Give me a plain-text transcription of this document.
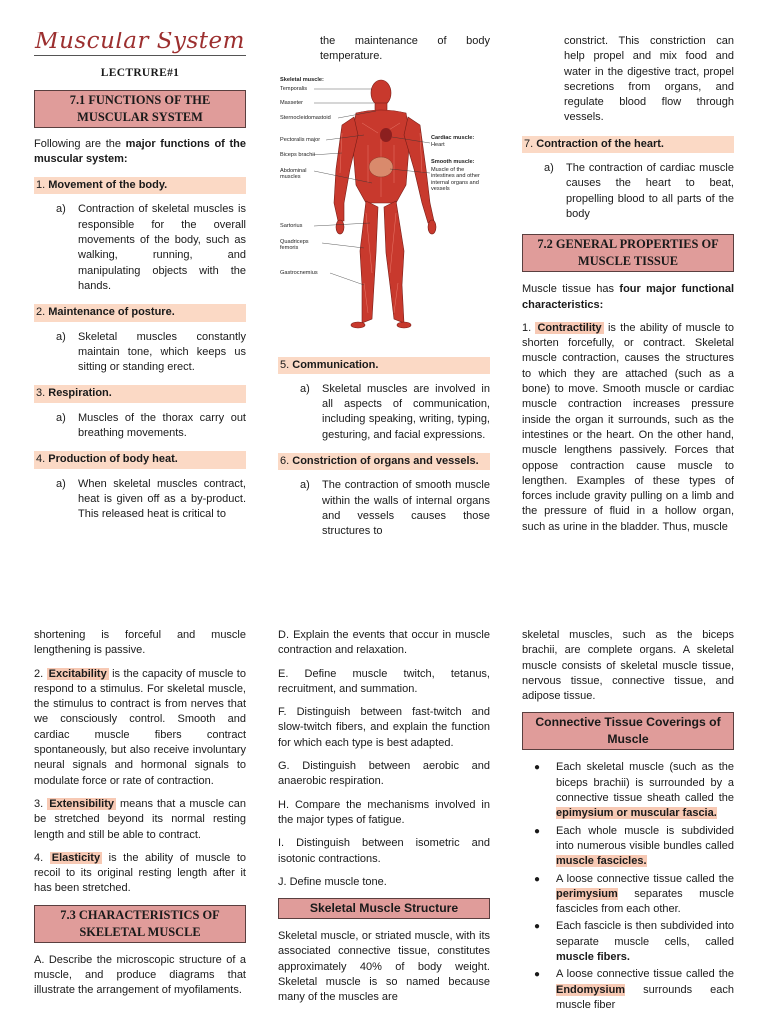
Muscular System
LECTRURE#1
7.1 FUNCTIONS OF THE MUSCULAR SYSTEM
Following are the major functions of the muscular system:
1. Movement of the body.
a)	Contraction of skeletal muscles is responsible for the overall movements of the body, such as walking, running, and manipulating objects with the hands.
2. Maintenance of posture.
a)	Skeletal muscles constantly maintain tone, which keeps us sitting or standing erect.
3. Respiration.
a)	Muscles of the thorax carry out breathing movements.
4. Production of body heat.
a)	When skeletal muscles contract, heat is given off as a by-product. This released heat is critical to
the maintenance of body temperature.
Skeletal muscle:
Temporalis
Masseter
Sternocleidomastoid
Pectoralis major
Biceps brachii
Abdominal muscles
Sartorius
Quadriceps femoris
Gastrocnemius
Cardiac muscle:
Heart
Smooth muscle:
Muscle of the intestines and other internal organs and vessels
5. Communication.
a)	Skeletal muscles are involved in all aspects of communication, including speaking, writing, typing, gesturing, and facial expressions.
6. Constriction of organs and vessels.
a)	The contraction of smooth muscle within the walls of internal organs and vessels causes those structures to
constrict. This constriction can help propel and mix food and water in the digestive tract, propel secretions from organs, and regulate blood flow through vessels.
7. Contraction of the heart.
a)	The contraction of cardiac muscle causes the heart to beat, propelling blood to all parts of the body
7.2 GENERAL PROPERTIES OF MUSCLE TISSUE
Muscle tissue has four major functional characteristics:
1. Contractility is the ability of muscle to shorten forcefully, or contract. Skeletal muscle contraction, causes the structures to which they are attached (such as a bone) to move. Smooth muscle or cardiac muscle contraction increases pressure inside the organ it surrounds, such as the intestines or the heart. On the other hand, muscle lengthens passively. Forces that oppose contraction cause muscle to lengthen. Examples of these types of forces include gravity pulling on a limb and the pressure of fluid in a hollow organ, such as urine in the bladder. Thus, muscle
shortening is forceful and muscle lengthening is passive.
2. Excitability is the capacity of muscle to respond to a stimulus. For skeletal muscle, the stimulus to contract is from nerves that we consciously control. Smooth and cardiac muscle fibers contract spontaneously, but also receive involuntary neural signals and hormonal signals to modulate force or rate of contraction.
3. Extensibility means that a muscle can be stretched beyond its normal resting length and still be able to contract.
4. Elasticity is the ability of muscle to recoil to its original resting length after it has been stretched.
7.3 CHARACTERISTICS OF SKELETAL MUSCLE
A. Describe the microscopic structure of a muscle, and produce diagrams that illustrate the arrangement of myofilaments.
D. Explain the events that occur in muscle contraction and relaxation.
E. Define muscle twitch, tetanus, recruitment, and summation.
F. Distinguish between fast-twitch and slow-twitch fibers, and explain the function for which each type is best adapted.
G. Distinguish between aerobic and anaerobic respiration.
H. Compare the mechanisms involved in the major types of fatigue.
I. Distinguish between isometric and isotonic contractions.
J. Define muscle tone.
Skeletal Muscle Structure
Skeletal muscle, or striated muscle, with its associated connective tissue, constitutes approximately 40% of body weight. Skeletal muscle is so named because many of the muscles are
skeletal muscles, such as the biceps brachii, are complete organs. A skeletal muscle consists of skeletal muscle tissue, nervous tissue, connective tissue, and adipose tissue.
Connective Tissue Coverings of Muscle
●	Each skeletal muscle (such as the biceps brachii) is surrounded by a connective tissue sheath called the epimysium or muscular fascia.
●	Each whole muscle is subdivided into numerous visible bundles called muscle fascicles.
●	A loose connective tissue called the perimysium separates muscle fascicles from each other.
●	Each fascicle is then subdivided into separate muscle cells, called muscle fibers.
●	A loose connective tissue called the Endomysium surrounds each muscle fiber
